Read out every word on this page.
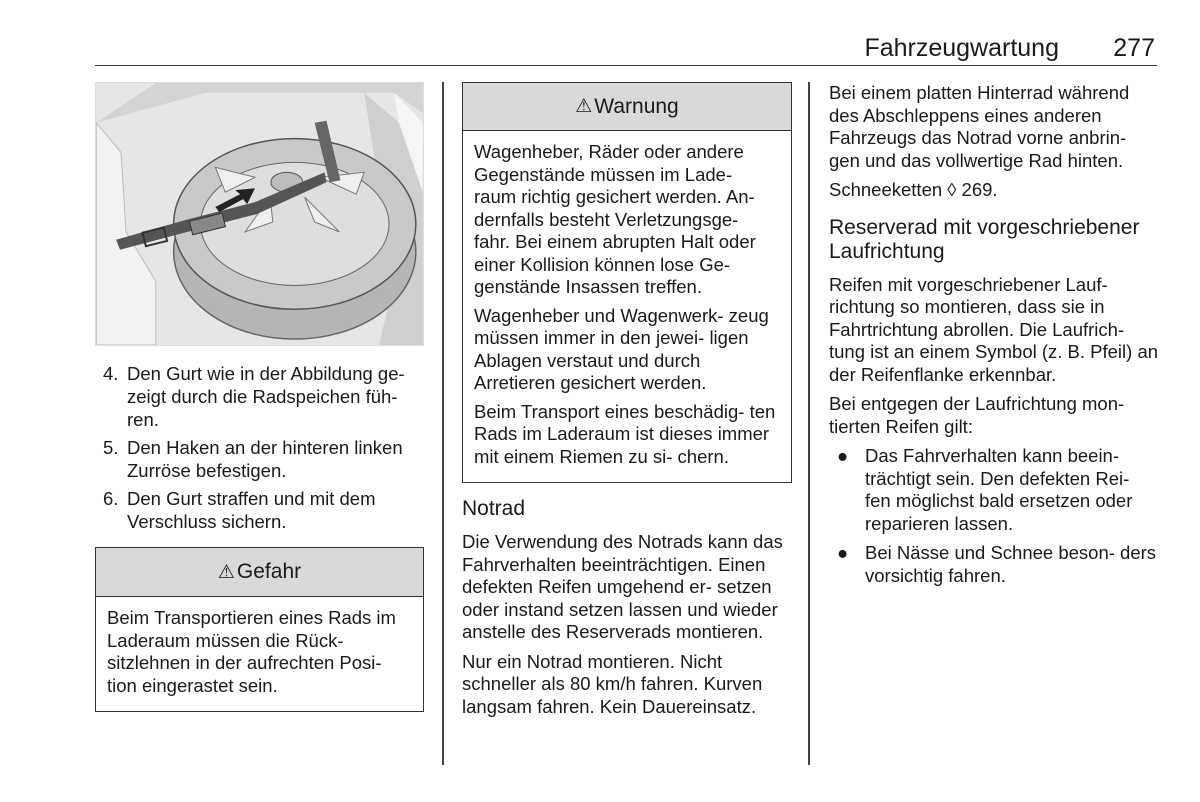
Fahrzeugwartung 277
4. Den Gurt wie in der Abbildung ge- zeigt durch die Radspeichen füh- ren.
5. Den Haken an der hinteren linken Zurröse befestigen.
6. Den Gurt straffen und mit dem Verschluss sichern.
⚠ Gefahr

Beim Transportieren eines Rads im Laderaum müssen die Rück- sitzlehnen in der aufrechten Posi- tion eingerastet sein.

⚠ Warnung

Wagenheber, Räder oder andere Gegenstände müssen im Lade- raum richtig gesichert werden. An- dernfalls besteht Verletzungsge- fahr. Bei einem abrupten Halt oder einer Kollision können lose Ge- genstände Insassen treffen.

Wagenheber und Wagenwerk- zeug müssen immer in den jewei- ligen Ablagen verstaut und durch Arretieren gesichert werden.

Beim Transport eines beschädig- ten Rads im Laderaum ist dieses immer mit einem Riemen zu si- chern.

Notrad

Die Verwendung des Notrads kann das Fahrverhalten beeinträchtigen. Einen defekten Reifen umgehend er- setzen oder instand setzen lassen und wieder anstelle des Reserverads montieren.

Nur ein Notrad montieren. Nicht schneller als 80 km/h fahren. Kurven langsam fahren. Kein Dauereinsatz.

Bei einem platten Hinterrad während des Abschleppens eines anderen Fahrzeugs das Notrad vorne anbrin- gen und das vollwertige Rad hinten.

Schneeketten ◊ 269.

Reserverad mit vorgeschriebener Laufrichtung

Reifen mit vorgeschriebener Lauf- richtung so montieren, dass sie in Fahrtrichtung abrollen. Die Laufrich- tung ist an einem Symbol (z. B. Pfeil) an der Reifenflanke erkennbar.

Bei entgegen der Laufrichtung mon- tierten Reifen gilt:

● Das Fahrverhalten kann beein- trächtigt sein. Den defekten Rei- fen möglichst bald ersetzen oder reparieren lassen.
● Bei Nässe und Schnee beson- ders vorsichtig fahren.
